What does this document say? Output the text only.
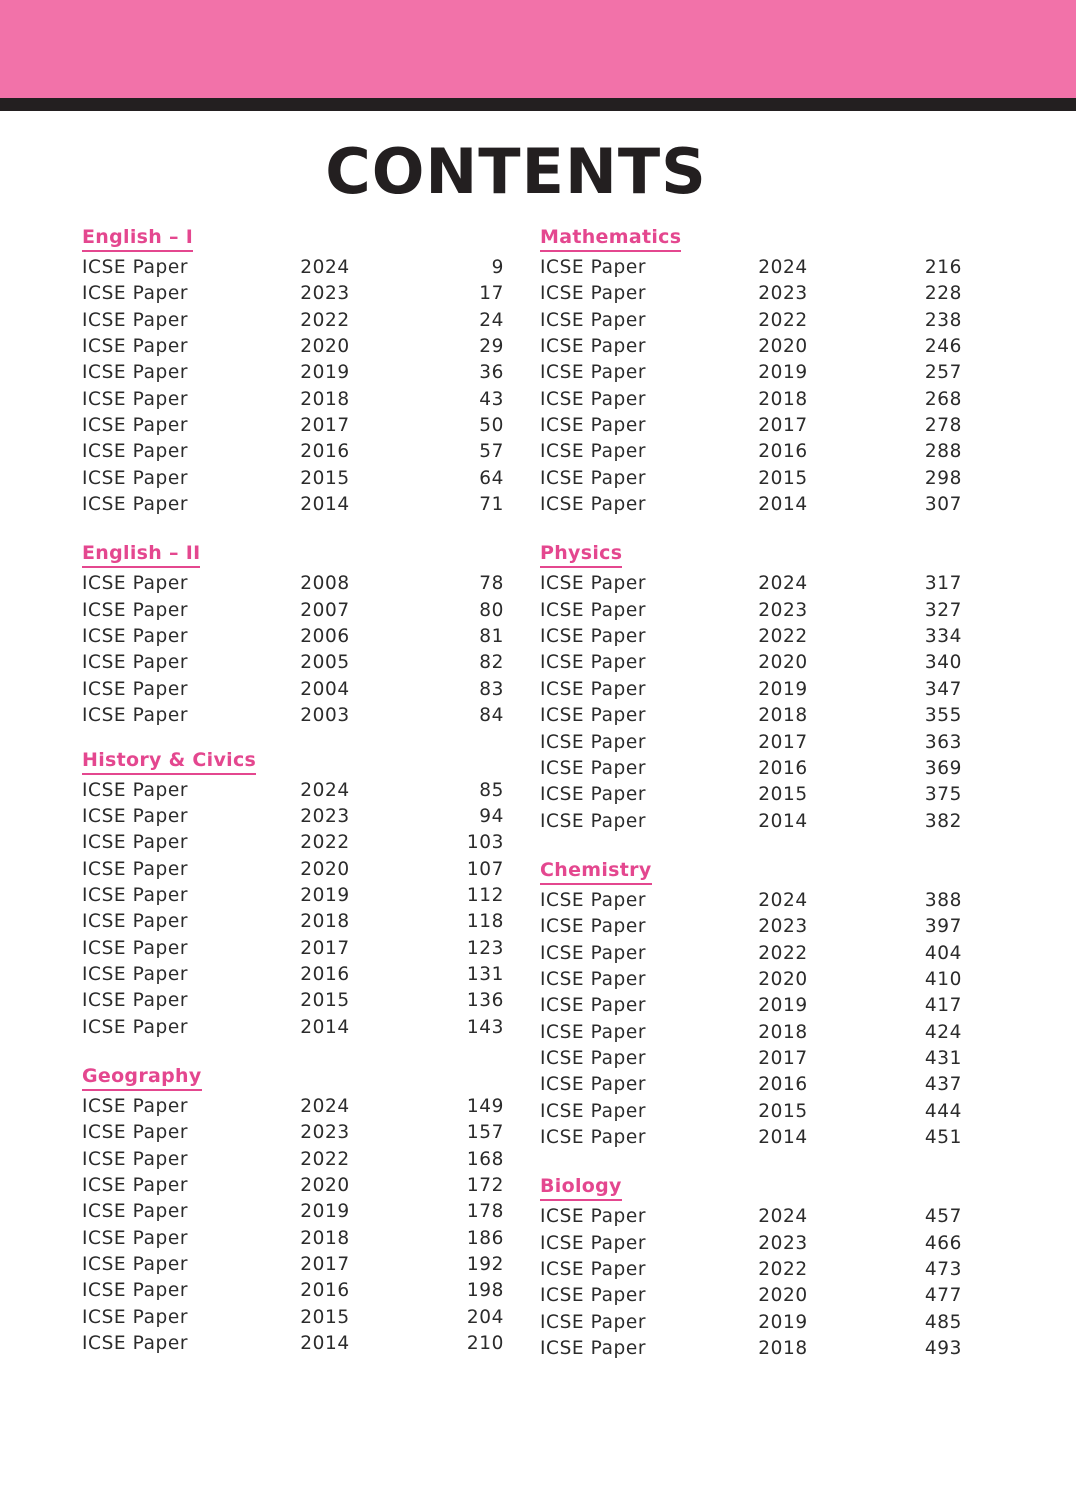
CONTENTS
English – I
ICSE Paper	2024	9
ICSE Paper	2023	17
ICSE Paper	2022	24
ICSE Paper	2020	29
ICSE Paper	2019	36
ICSE Paper	2018	43
ICSE Paper	2017	50
ICSE Paper	2016	57
ICSE Paper	2015	64
ICSE Paper	2014	71
English – II
ICSE Paper	2008	78
ICSE Paper	2007	80
ICSE Paper	2006	81
ICSE Paper	2005	82
ICSE Paper	2004	83
ICSE Paper	2003	84
History & Civics
ICSE Paper	2024	85
ICSE Paper	2023	94
ICSE Paper	2022	103
ICSE Paper	2020	107
ICSE Paper	2019	112
ICSE Paper	2018	118
ICSE Paper	2017	123
ICSE Paper	2016	131
ICSE Paper	2015	136
ICSE Paper	2014	143
Geography
ICSE Paper	2024	149
ICSE Paper	2023	157
ICSE Paper	2022	168
ICSE Paper	2020	172
ICSE Paper	2019	178
ICSE Paper	2018	186
ICSE Paper	2017	192
ICSE Paper	2016	198
ICSE Paper	2015	204
ICSE Paper	2014	210
Mathematics
ICSE Paper	2024	216
ICSE Paper	2023	228
ICSE Paper	2022	238
ICSE Paper	2020	246
ICSE Paper	2019	257
ICSE Paper	2018	268
ICSE Paper	2017	278
ICSE Paper	2016	288
ICSE Paper	2015	298
ICSE Paper	2014	307
Physics
ICSE Paper	2024	317
ICSE Paper	2023	327
ICSE Paper	2022	334
ICSE Paper	2020	340
ICSE Paper	2019	347
ICSE Paper	2018	355
ICSE Paper	2017	363
ICSE Paper	2016	369
ICSE Paper	2015	375
ICSE Paper	2014	382
Chemistry
ICSE Paper	2024	388
ICSE Paper	2023	397
ICSE Paper	2022	404
ICSE Paper	2020	410
ICSE Paper	2019	417
ICSE Paper	2018	424
ICSE Paper	2017	431
ICSE Paper	2016	437
ICSE Paper	2015	444
ICSE Paper	2014	451
Biology
ICSE Paper	2024	457
ICSE Paper	2023	466
ICSE Paper	2022	473
ICSE Paper	2020	477
ICSE Paper	2019	485
ICSE Paper	2018	493
